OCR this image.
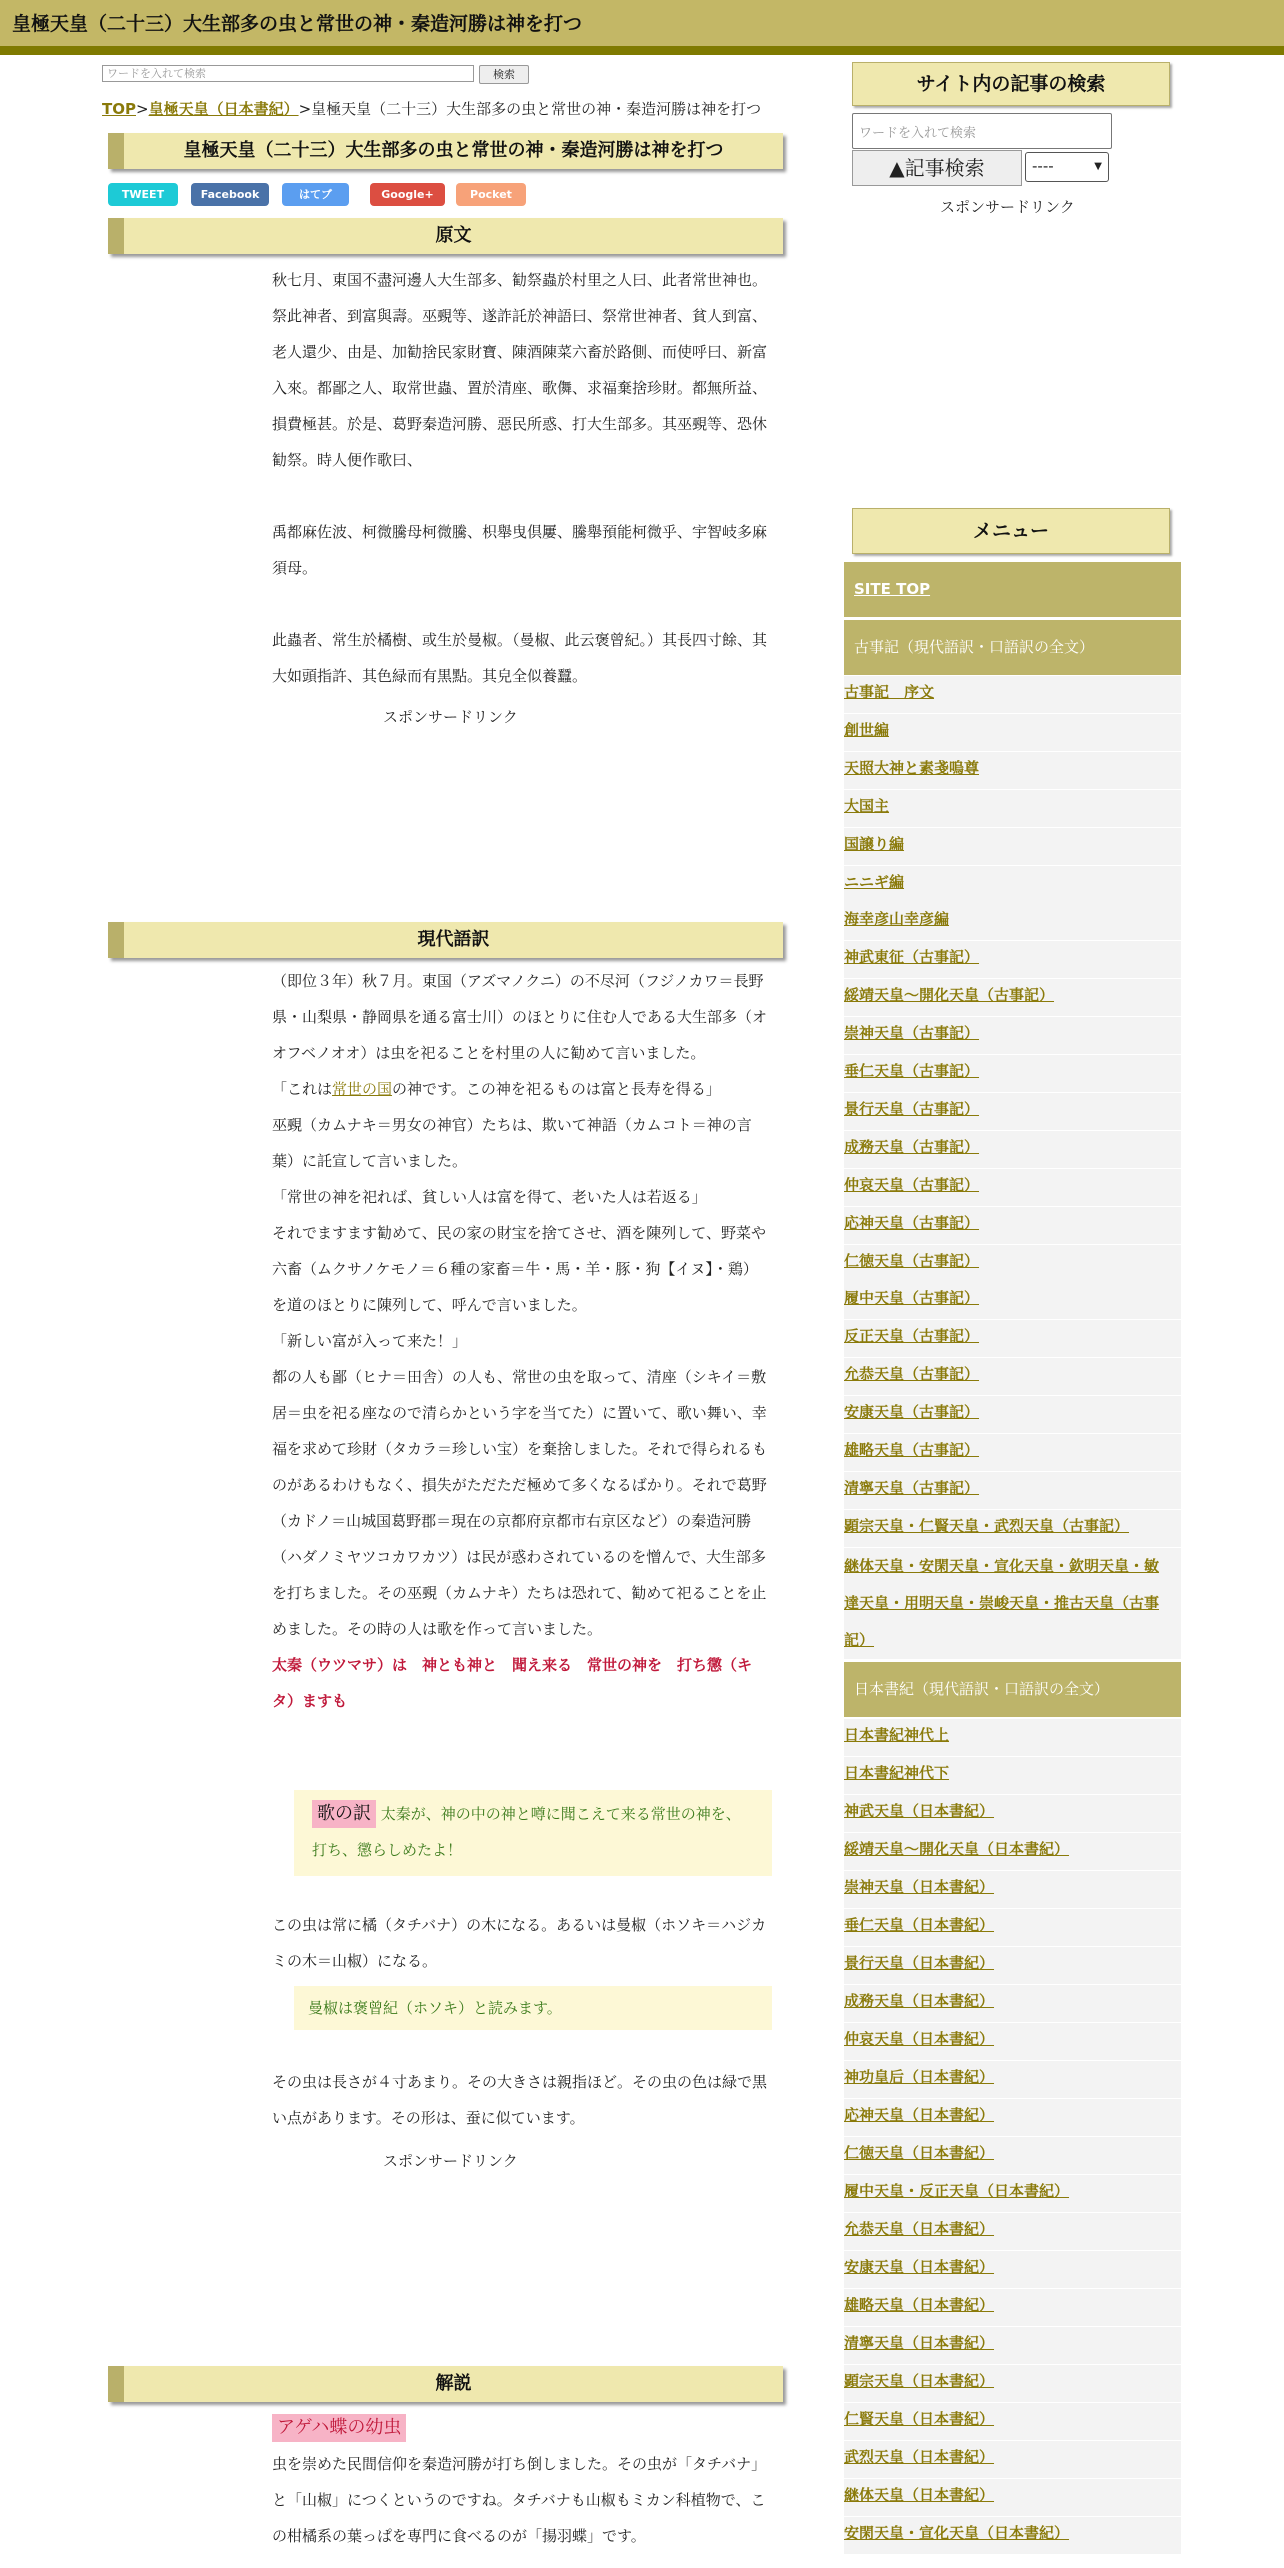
皇極天皇（二十三）大生部多の虫と常世の神・秦造河勝は神を打つ
ワードを入れて検索	検索
TOP>皇極天皇（日本書紀）>皇極天皇（二十三）大生部多の虫と常世の神・秦造河勝は神を打つ
皇極天皇（二十三）大生部多の虫と常世の神・秦造河勝は神を打つ
TWEET	Facebook	はてブ	Google+	Pocket
原文

秋七月、東国不盡河邊人大生部多、勧祭蟲於村里之人曰、此者常世神也。祭此神者、到富與壽。巫覡等、遂詐託於神語曰、祭常世神者、貧人到富、老人還少、由是、加勧捨民家財寶、陳酒陳菜六畜於路側、而使呼曰、新富入來。都鄙之人、取常世蟲、置於清座、歌儛、求福棄捨珍財。都無所益、損費極甚。於是、葛野秦造河勝、惡民所惑、打大生部多。其巫覡等、恐休勧祭。時人便作歌曰、

禹都麻佐波、柯微騰母柯微騰、枳舉曳倶屢、騰舉預能柯微乎、宇智岐多麻須母。

此蟲者、常生於橘樹、或生於曼椒。（曼椒、此云褒曾紀。）其長四寸餘、其大如頭指許、其色緑而有黒點。其皃全似養蠶。

スポンサードリンク
現代語訳

（即位３年）秋７月。東国（アズマノクニ）の不尽河（フジノカワ＝長野県・山梨県・静岡県を通る富士川）のほとりに住む人である大生部多（オオフベノオオ）は虫を祀ることを村里の人に勧めて言いました。

「これは常世の国の神です。この神を祀るものは富と長寿を得る」

巫覡（カムナキ＝男女の神官）たちは、欺いて神語（カムコト＝神の言葉）に託宣して言いました。

「常世の神を祀れば、貧しい人は富を得て、老いた人は若返る」

それでますます勧めて、民の家の財宝を捨てさせ、酒を陳列して、野菜や六畜（ムクサノケモノ＝６種の家畜＝牛・馬・羊・豚・狗【イヌ】・鶏）を道のほとりに陳列して、呼んで言いました。

「新しい富が入って来た！」

都の人も鄙（ヒナ＝田舎）の人も、常世の虫を取って、清座（シキイ＝敷居＝虫を祀る座なので清らかという字を当てた）に置いて、歌い舞い、幸福を求めて珍財（タカラ＝珍しい宝）を棄捨しました。それで得られるものがあるわけもなく、損失がただただ極めて多くなるばかり。それで葛野（カドノ＝山城国葛野郡＝現在の京都府京都市右京区など）の秦造河勝（ハダノミヤツコカワカツ）は民が惑わされているのを憎んで、大生部多を打ちました。その巫覡（カムナキ）たちは恐れて、勧めて祀ることを止めました。その時の人は歌を作って言いました。

太秦（ウツマサ）は　神とも神と　聞え来る　常世の神を　打ち懲（キタ）ますも

歌の訳 太秦が、神の中の神と噂に聞こえて来る常世の神を、打ち、懲らしめたよ！

この虫は常に橘（タチバナ）の木になる。あるいは曼椒（ホソキ＝ハジカミの木＝山椒）になる。

曼椒は褒曾紀（ホソキ）と読みます。

その虫は長さが４寸あまり。その大きさは親指ほど。その虫の色は緑で黒い点があります。その形は、蚕に似ています。

スポンサードリンク
解説

アゲハ蝶の幼虫

虫を崇めた民間信仰を秦造河勝が打ち倒しました。その虫が「タチバナ」と「山椒」につくというのですね。タチバナも山椒もミカン科植物で、この柑橘系の葉っぱを専門に食べるのが「揚羽蝶」です。

サイト内の記事の検索
ワードを入れて検索
▲記事検索	----	▼
スポンサードリンク
メニュー
SITE TOP
古事記（現代語訳・口語訳の全文）
古事記　序文
創世編
天照大神と素戔嗚尊
大国主
国譲り編
ニニギ編
海幸彦山幸彦編
神武東征（古事記）
綏靖天皇～開化天皇（古事記）
崇神天皇（古事記）
垂仁天皇（古事記）
景行天皇（古事記）
成務天皇（古事記）
仲哀天皇（古事記）
応神天皇（古事記）
仁徳天皇（古事記）
履中天皇（古事記）
反正天皇（古事記）
允恭天皇（古事記）
安康天皇（古事記）
雄略天皇（古事記）
清寧天皇（古事記）
顕宗天皇・仁賢天皇・武烈天皇（古事記）
継体天皇・安閑天皇・宣化天皇・欽明天皇・敏
達天皇・用明天皇・崇峻天皇・推古天皇（古事
記）
日本書紀（現代語訳・口語訳の全文）
日本書紀神代上
日本書紀神代下
神武天皇（日本書紀）
綏靖天皇～開化天皇（日本書紀）
崇神天皇（日本書紀）
垂仁天皇（日本書紀）
景行天皇（日本書紀）
成務天皇（日本書紀）
仲哀天皇（日本書紀）
神功皇后（日本書紀）
応神天皇（日本書紀）
仁徳天皇（日本書紀）
履中天皇・反正天皇（日本書紀）
允恭天皇（日本書紀）
安康天皇（日本書紀）
雄略天皇（日本書紀）
清寧天皇（日本書紀）
顕宗天皇（日本書紀）
仁賢天皇（日本書紀）
武烈天皇（日本書紀）
継体天皇（日本書紀）
安閑天皇・宣化天皇（日本書紀）
